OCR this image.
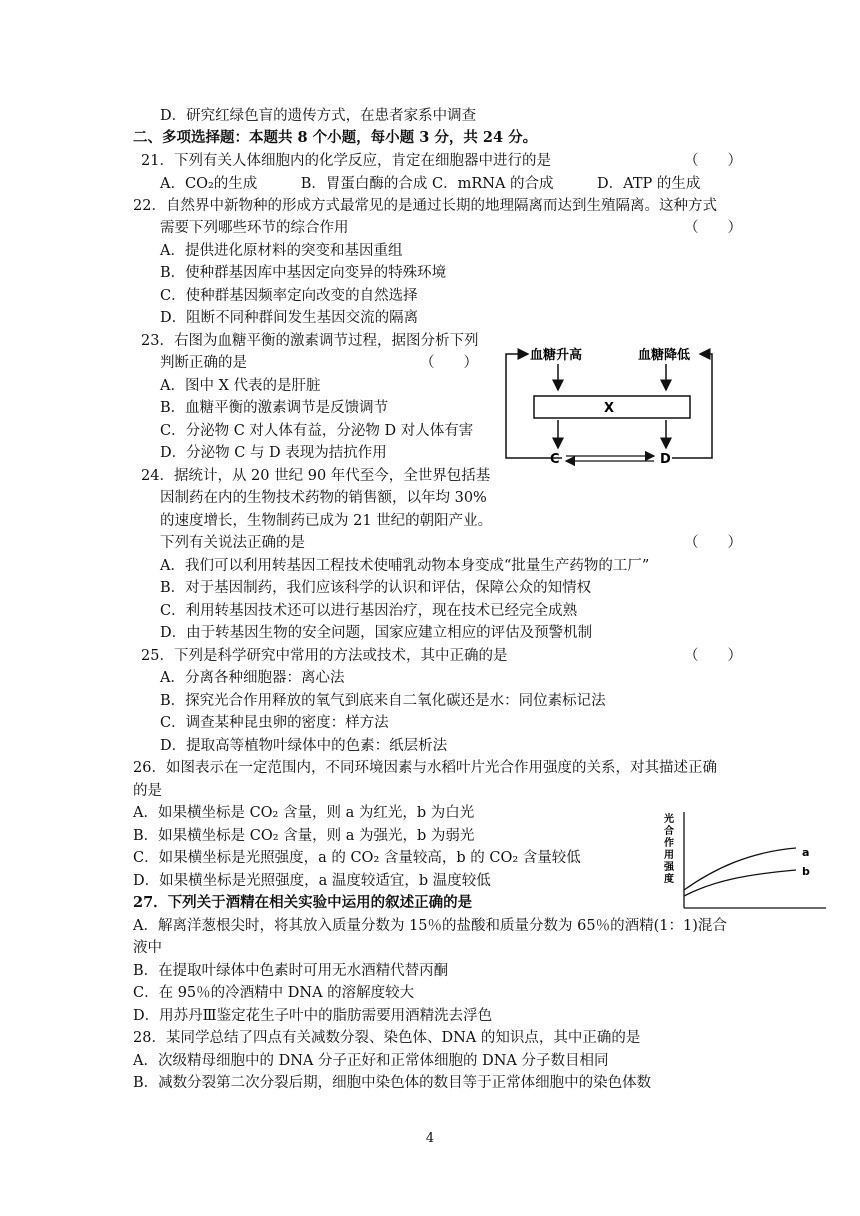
D．研究红绿色盲的遗传方式，在患者家系中调查
二、多项选择题：本题共 8 个小题，每小题 3 分，共 24 分。
21．下列有关人体细胞内的化学反应，肯定在细胞器中进行的是	（　　）
A．CO₂的生成　　　B．胃蛋白酶的合成 C．mRNA 的合成　　　D．ATP 的生成
22．自然界中新物种的形成方式最常见的是通过长期的地理隔离而达到生殖隔离。这种方式
需要下列哪些环节的综合作用	（　　）
A．提供进化原材料的突变和基因重组
B．使种群基因库中基因定向变异的特殊环境
C．使种群基因频率定向改变的自然选择
D．阻断不同种群间发生基因交流的隔离
23．右图为血糖平衡的激素调节过程，据图分析下列
判断正确的是	（　　）
A．图中 X 代表的是肝脏
B．血糖平衡的激素调节是反馈调节
C．分泌物 C 对人体有益，分泌物 D 对人体有害
D．分泌物 C 与 D 表现为拮抗作用
24．据统计，从 20 世纪 90 年代至今，全世界包括基
因制药在内的生物技术药物的销售额，以年均 30%
的速度增长，生物制药已成为 21 世纪的朝阳产业。
下列有关说法正确的是	（　　）
A．我们可以利用转基因工程技术使哺乳动物本身变成“批量生产药物的工厂”
B．对于基因制药，我们应该科学的认识和评估，保障公众的知情权
C．利用转基因技术还可以进行基因治疗，现在技术已经完全成熟
D．由于转基因生物的安全问题，国家应建立相应的评估及预警机制
25．下列是科学研究中常用的方法或技术，其中正确的是	（　　）
A．分离各种细胞器：离心法
B．探究光合作用释放的氧气到底来自二氧化碳还是水：同位素标记法
C．调查某种昆虫卵的密度：样方法
D．提取高等植物叶绿体中的色素：纸层析法
26．如图表示在一定范围内，不同环境因素与水稻叶片光合作用强度的关系，对其描述正确
的是
A．如果横坐标是 CO₂ 含量，则 a 为红光，b 为白光
B．如果横坐标是 CO₂ 含量，则 a 为强光，b 为弱光
C．如果横坐标是光照强度，a 的 CO₂ 含量较高，b 的 CO₂ 含量较低
D．如果横坐标是光照强度，a 温度较适宜，b 温度较低
27．下列关于酒精在相关实验中运用的叙述正确的是
A．解离洋葱根尖时，将其放入质量分数为 15％的盐酸和质量分数为 65％的酒精(1：1)混合
液中
B．在提取叶绿体中色素时可用无水酒精代替丙酮
C．在 95％的冷酒精中 DNA 的溶解度较大
D．用苏丹Ⅲ鉴定花生子叶中的脂肪需要用酒精洗去浮色
28．某同学总结了四点有关减数分裂、染色体、DNA 的知识点，其中正确的是
A．次级精母细胞中的 DNA 分子正好和正常体细胞的 DNA 分子数目相同
B．减数分裂第二次分裂后期，细胞中染色体的数目等于正常体细胞中的染色体数
血糖升高	血糖降低
X
C	D
光
合
作
用
强
度
a
b
4
